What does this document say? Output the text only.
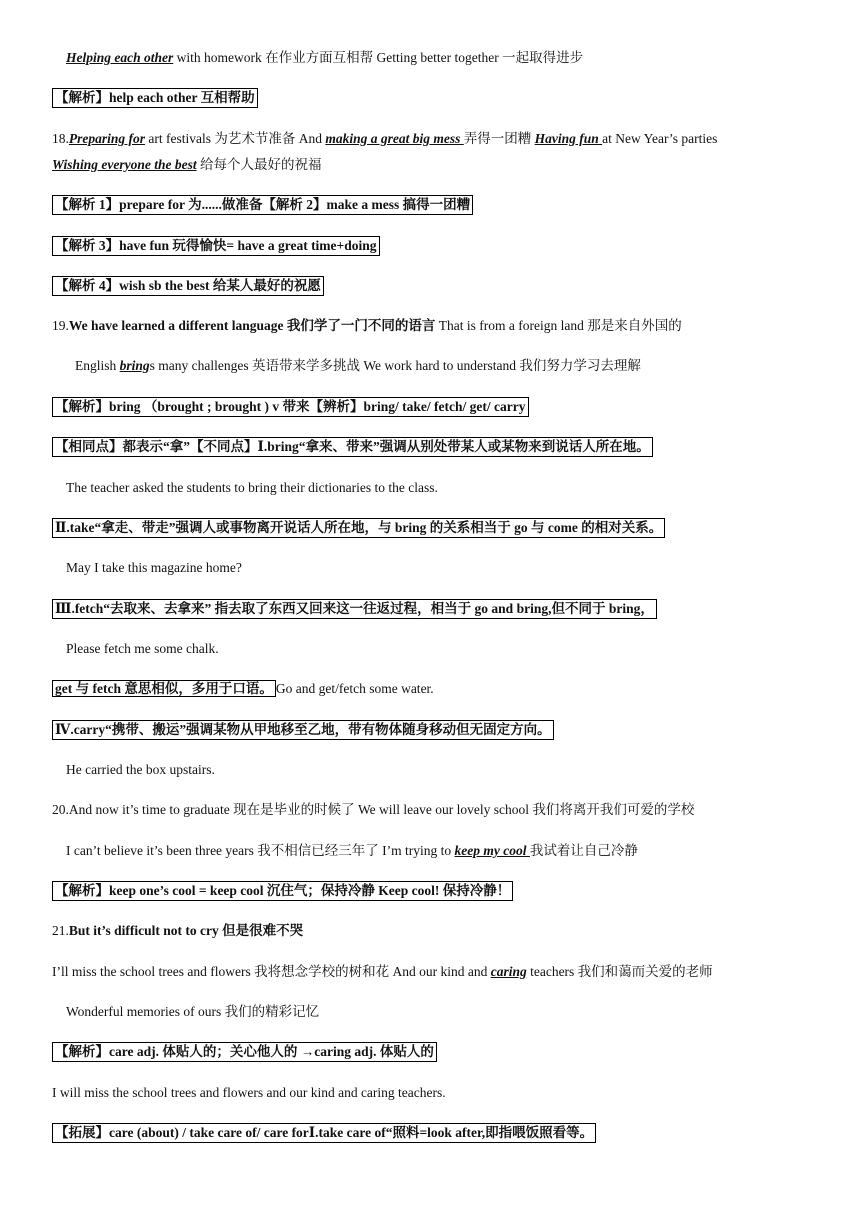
Helping each other with homework 在作业方面互相帮 Getting better together 一起取得进步
【解析】help each other 互相帮助
18.Preparing for art festivals 为艺术节准备 And making a great big mess 弄得一团糟 Having fun at New Year’s parties
Wishing everyone the best 给每个人最好的祝福
【解析 1】prepare for 为......做准备【解析 2】make a mess 搞得一团糟
【解析 3】have fun 玩得愉快= have a great time+doing
【解析 4】wish sb the best 给某人最好的祝愿
19.We have learned a different language 我们学了一门不同的语言 That is from a foreign land 那是来自外国的
English brings many challenges 英语带来学多挑战 We work hard to understand 我们努力学习去理解
【解析】bring （brought ; brought ) v 带来【辨析】bring/ take/ fetch/ get/ carry
【相同点】都表示“拿”【不同点】Ⅰ.bring“拿来、带来”强调从别处带某人或某物来到说话人所在地。
The teacher asked the students to bring their dictionaries to the class.
Ⅱ.take“拿走、带走”强调人或事物离开说话人所在地，与 bring 的关系相当于 go 与 come 的相对关系。
May I take this magazine home?
Ⅲ.fetch“去取来、去拿来” 指去取了东西又回来这一往返过程，相当于 go and bring,但不同于 bring，
Please fetch me some chalk.
get 与 fetch 意思相似，多用于口语。 Go and get/fetch some water.
Ⅳ.carry“携带、搬运”强调某物从甲地移至乙地，带有物体随身移动但无固定方向。
He carried the box upstairs.
20.And now it’s time to graduate 现在是毕业的时候了 We will leave our lovely school 我们将离开我们可爱的学校
I can’t believe it’s been three years 我不相信已经三年了 I’m trying to keep my cool 我试着让自己冷静
【解析】keep one’s cool = keep cool 沉住气；保持冷静 Keep cool! 保持冷静！
21.But it’s difficult not to cry 但是很难不哭
I’ll miss the school trees and flowers 我将想念学校的树和花 And our kind and caring teachers 我们和蔼而关爱的老师
Wonderful memories of ours 我们的精彩记忆
【解析】care adj. 体贴人的；关心他人的 →caring adj. 体贴人的
I will miss the school trees and flowers and our kind and caring teachers.
【拓展】care (about) / take care of/ care forⅠ.take care of“照料=look after,即指喂饭照看等。
